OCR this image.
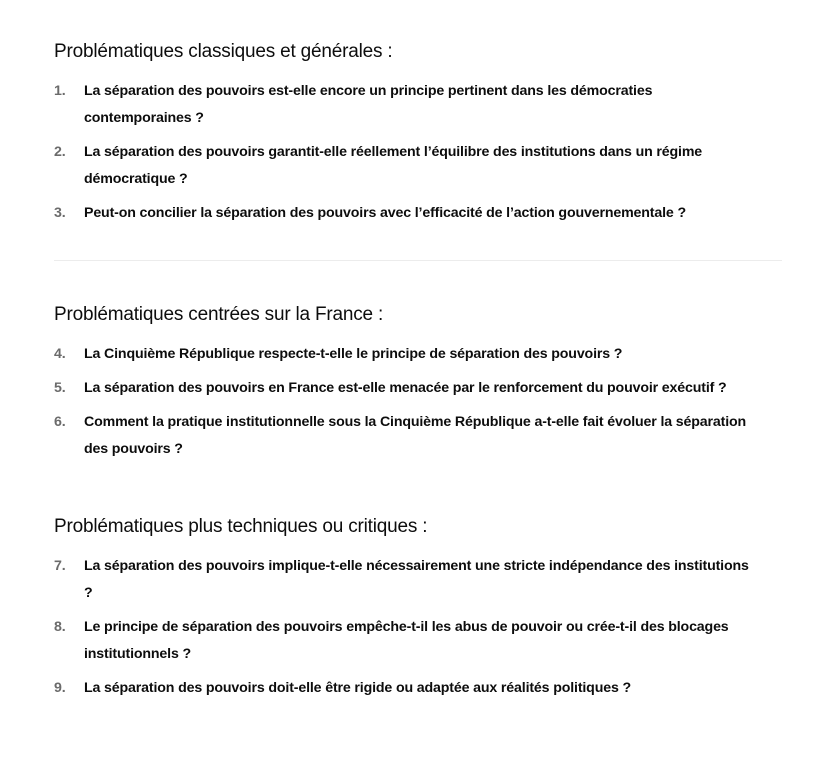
Problématiques classiques et générales :
1. La séparation des pouvoirs est-elle encore un principe pertinent dans les démocraties contemporaines ?
2. La séparation des pouvoirs garantit-elle réellement l’équilibre des institutions dans un régime démocratique ?
3. Peut-on concilier la séparation des pouvoirs avec l’efficacité de l’action gouvernementale ?
Problématiques centrées sur la France :
4. La Cinquième République respecte-t-elle le principe de séparation des pouvoirs ?
5. La séparation des pouvoirs en France est-elle menacée par le renforcement du pouvoir exécutif ?
6. Comment la pratique institutionnelle sous la Cinquième République a-t-elle fait évoluer la séparation des pouvoirs ?
Problématiques plus techniques ou critiques :
7. La séparation des pouvoirs implique-t-elle nécessairement une stricte indépendance des institutions ?
8. Le principe de séparation des pouvoirs empêche-t-il les abus de pouvoir ou crée-t-il des blocages institutionnels ?
9. La séparation des pouvoirs doit-elle être rigide ou adaptée aux réalités politiques ?
